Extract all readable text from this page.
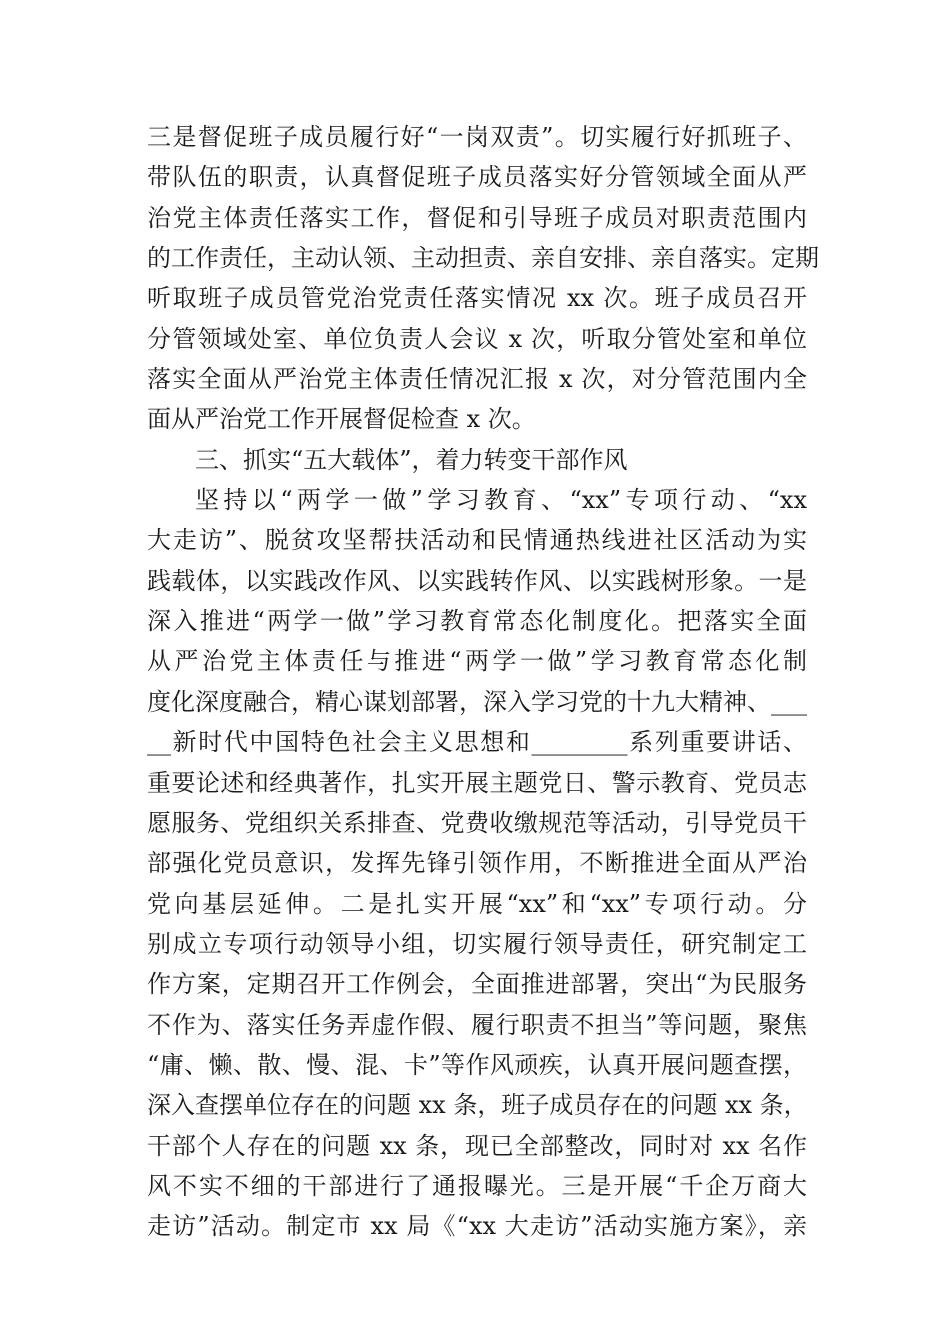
三是督促班子成员履行好“一岗双责”。切实履行好抓班子、
带队伍的职责，认真督促班子成员落实好分管领域全面从严
治党主体责任落实工作，督促和引导班子成员对职责范围内
的工作责任，主动认领、主动担责、亲自安排、亲自落实。定期
听取班子成员管党治党责任落实情况 xx 次。班子成员召开
分管领域处室、单位负责人会议 x 次，听取分管处室和单位
落实全面从严治党主体责任情况汇报 x 次，对分管范围内全
面从严治党工作开展督促检查 x 次。
三、抓实“五大载体”，着力转变干部作风
坚持以“两学一做”学习教育、“xx”专项行动、“xx
大走访”、脱贫攻坚帮扶活动和民情通热线进社区活动为实
践载体，以实践改作风、以实践转作风、以实践树形象。一是
深入推进“两学一做”学习教育常态化制度化。把落实全面
从严治党主体责任与推进“两学一做”学习教育常态化制
度化深度融合，精心谋划部署，深入学习党的十九大精神、___
__新时代中国特色社会主义思想和________系列重要讲话、
重要论述和经典著作，扎实开展主题党日、警示教育、党员志
愿服务、党组织关系排查、党费收缴规范等活动，引导党员干
部强化党员意识，发挥先锋引领作用，不断推进全面从严治
党向基层延伸。二是扎实开展“xx”和“xx”专项行动。分
别成立专项行动领导小组，切实履行领导责任，研究制定工
作方案，定期召开工作例会，全面推进部署，突出“为民服务
不作为、落实任务弄虚作假、履行职责不担当”等问题，聚焦
“庸、懒、散、慢、混、卡”等作风顽疾，认真开展问题查摆，
深入查摆单位存在的问题 xx 条，班子成员存在的问题 xx 条，
干部个人存在的问题 xx 条，现已全部整改，同时对 xx 名作
风不实不细的干部进行了通报曝光。三是开展“千企万商大
走访”活动。制定市 xx 局《“xx 大走访”活动实施方案》，亲
